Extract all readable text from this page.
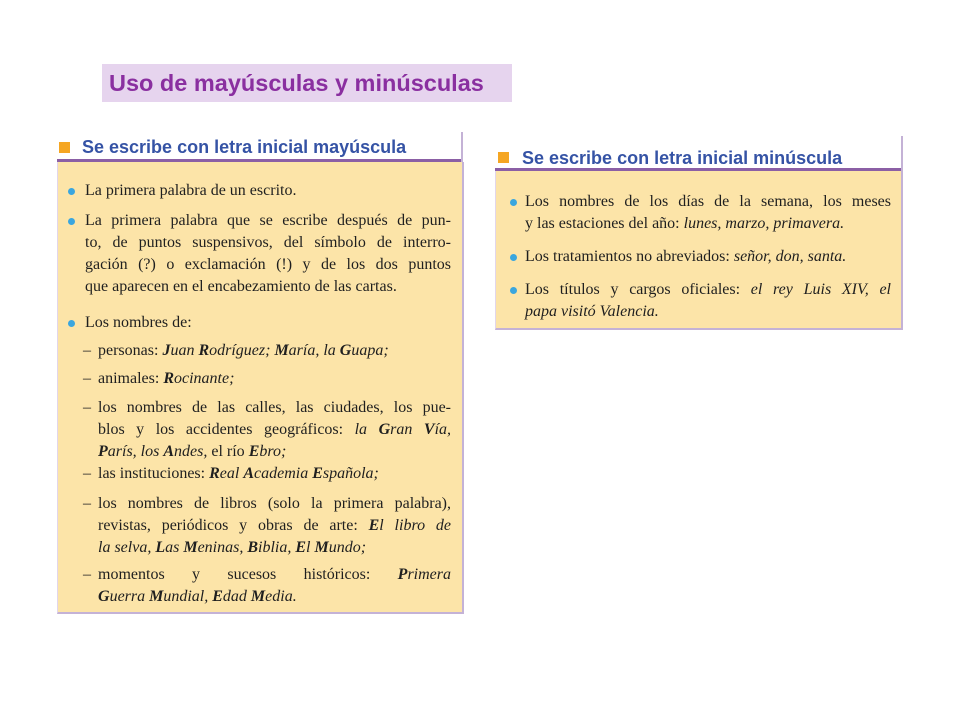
Uso de mayúsculas y minúsculas
Se escribe con letra inicial mayúscula
La primera palabra de un escrito.
La primera palabra que se escribe después de pun-
to, de puntos suspensivos, del símbolo de interro-
gación (?) o exclamación (!) y de los dos puntos
que aparecen en el encabezamiento de las cartas.
Los nombres de:
– personas: Juan Rodríguez; María, la Guapa;
– animales: Rocinante;
– los nombres de las calles, las ciudades, los pue-
blos y los accidentes geográficos: la Gran Vía,
París, los Andes, el río Ebro;
– las instituciones: Real Academia Española;
– los nombres de libros (solo la primera palabra),
revistas, periódicos y obras de arte: El libro de
la selva, Las Meninas, Biblia, El Mundo;
– momentos y sucesos históricos: Primera
Guerra Mundial, Edad Media.
Se escribe con letra inicial minúscula
Los nombres de los días de la semana, los meses
y las estaciones del año: lunes, marzo, primavera.
Los tratamientos no abreviados: señor, don, santa.
Los títulos y cargos oficiales: el rey Luis XIV, el
papa visitó Valencia.
